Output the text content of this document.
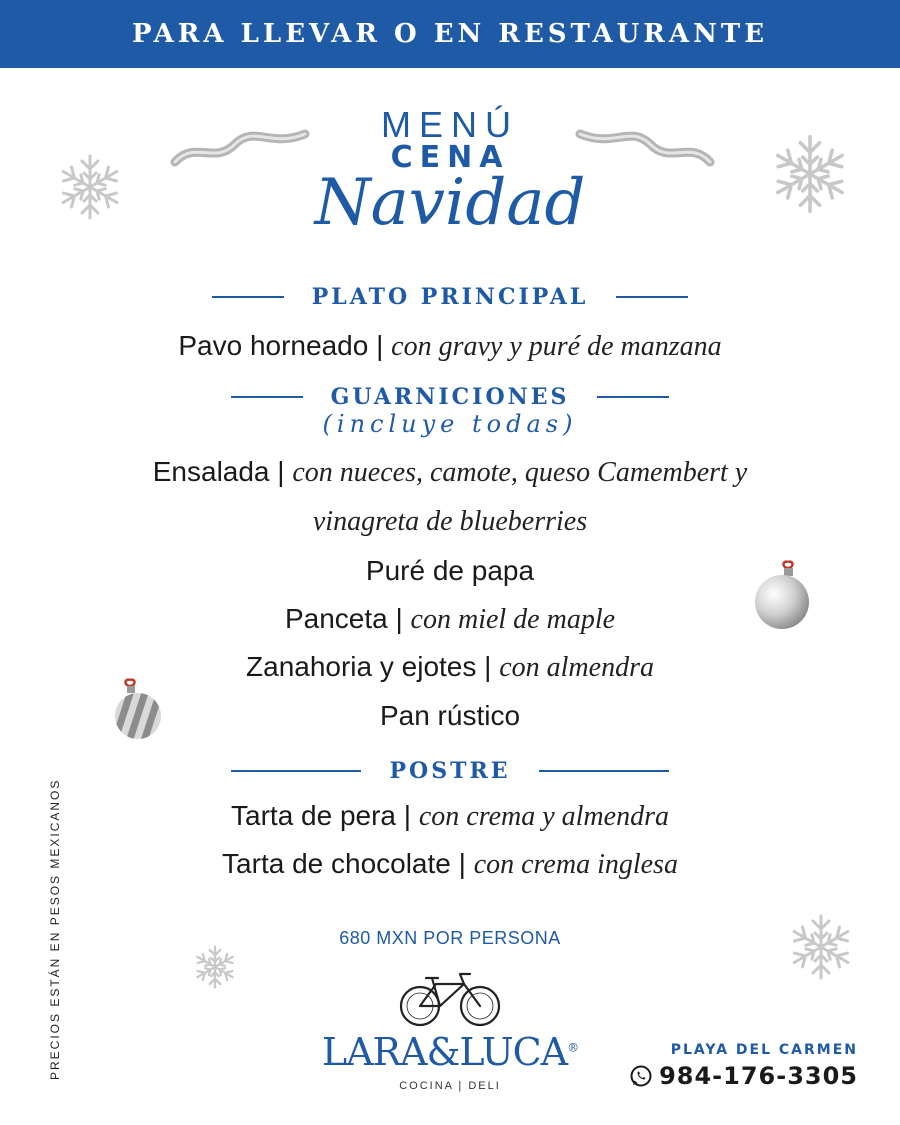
PARA LLEVAR O EN RESTAURANTE
MENÚ
CENA
Navidad
PLATO PRINCIPAL
Pavo horneado | con gravy y puré de manzana
GUARNICIONES
(incluye todas)
Ensalada | con nueces, camote, queso Camembert y
vinagreta de blueberries
Puré de papa
Panceta | con miel de maple
Zanahoria y ejotes | con almendra
Pan rústico
POSTRE
Tarta de pera | con crema y almendra
Tarta de chocolate | con crema inglesa
680 MXN POR PERSONA
PRECIOS ESTÁN EN PESOS MEXICANOS	LARA&LUCA®
COCINA | DELI
PLAYA DEL CARMEN
984-176-3305
